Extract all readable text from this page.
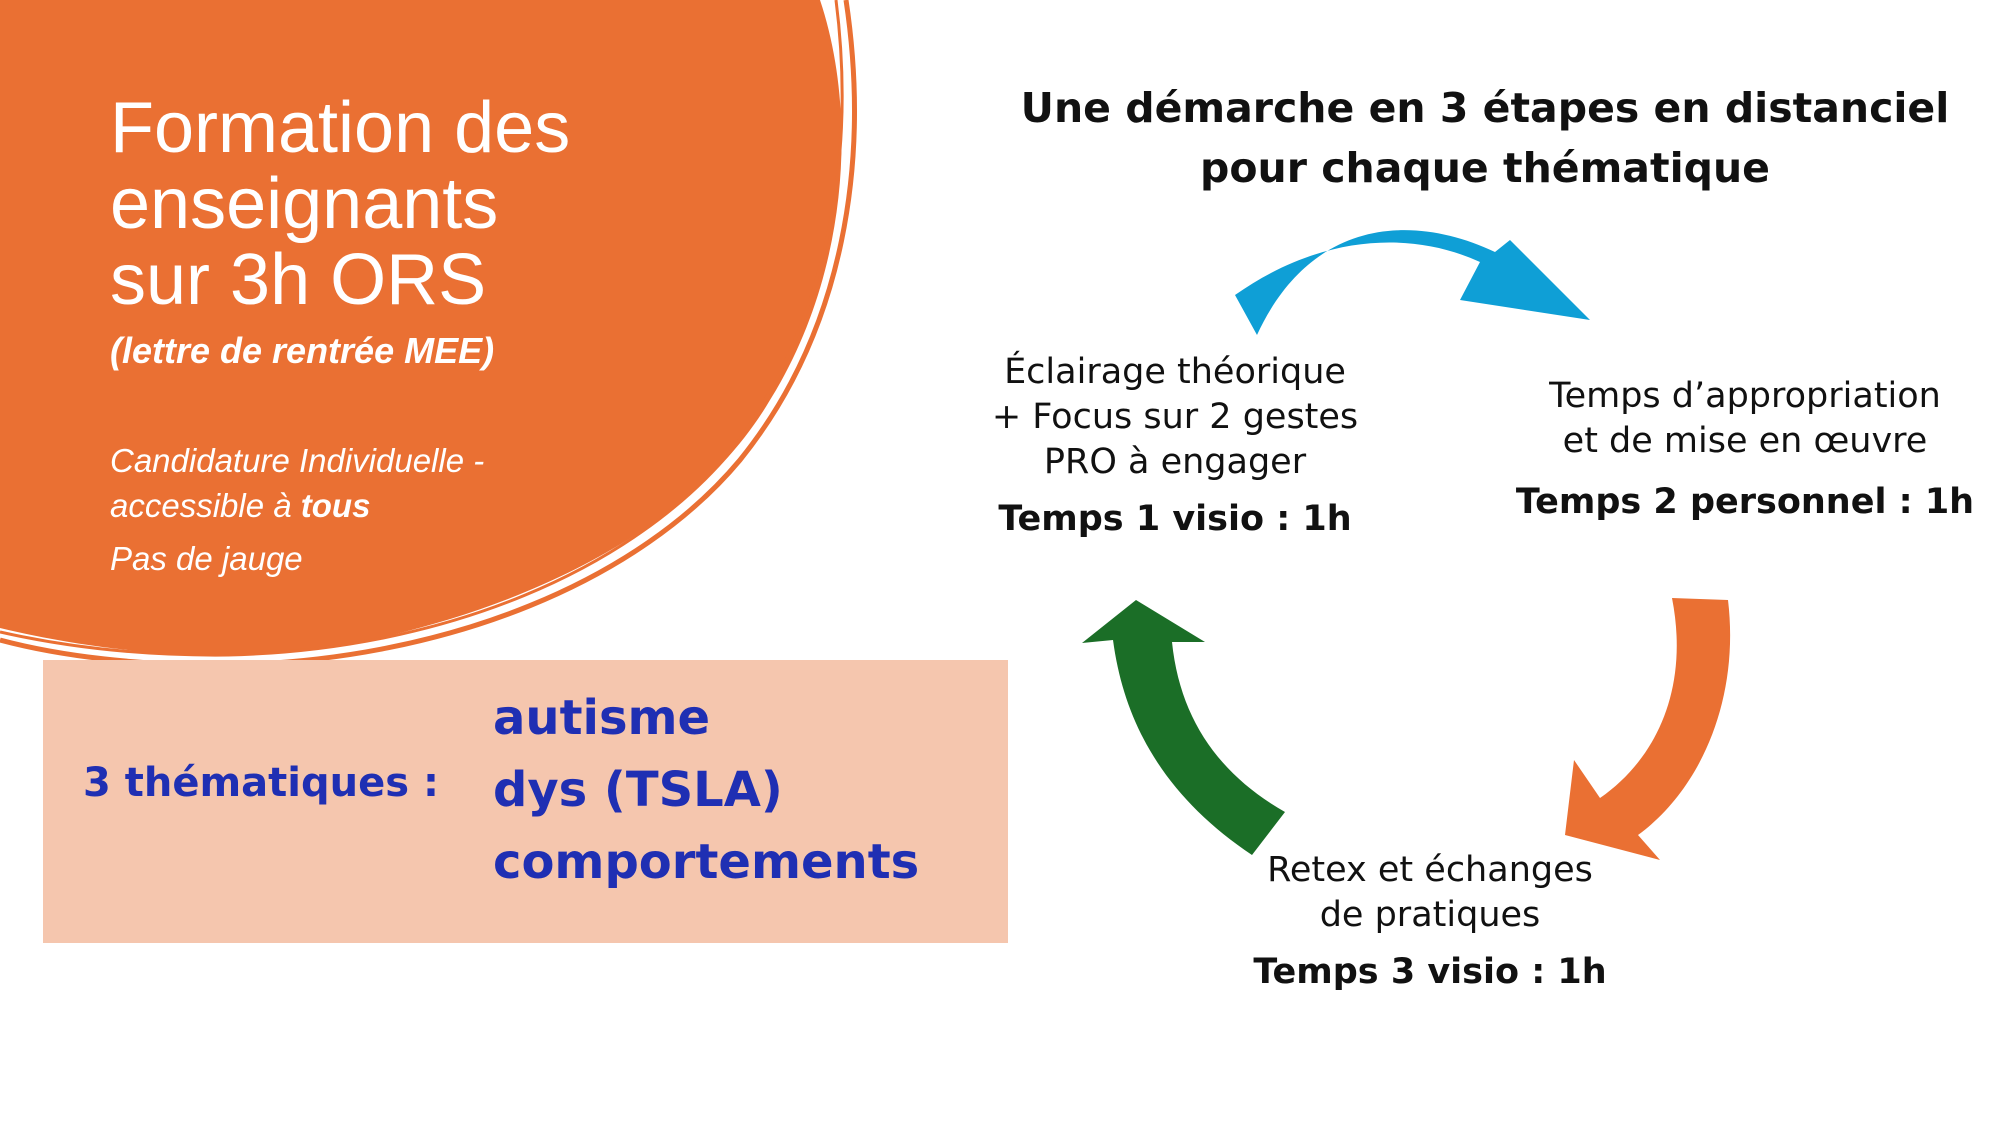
Formation des
enseignants
sur 3h ORS
(lettre de rentrée MEE)
Candidature Individuelle -
accessible à tous
Pas de jauge
3 thématiques :
autisme
dys (TSLA)
comportements
Une démarche en 3 étapes en distanciel
pour chaque thématique
Éclairage théorique
+ Focus sur 2 gestes
PRO à engager
Temps 1 visio : 1h
Temps d’appropriation
et de mise en œuvre
Temps 2 personnel : 1h
Retex et échanges
de pratiques
Temps 3 visio : 1h
